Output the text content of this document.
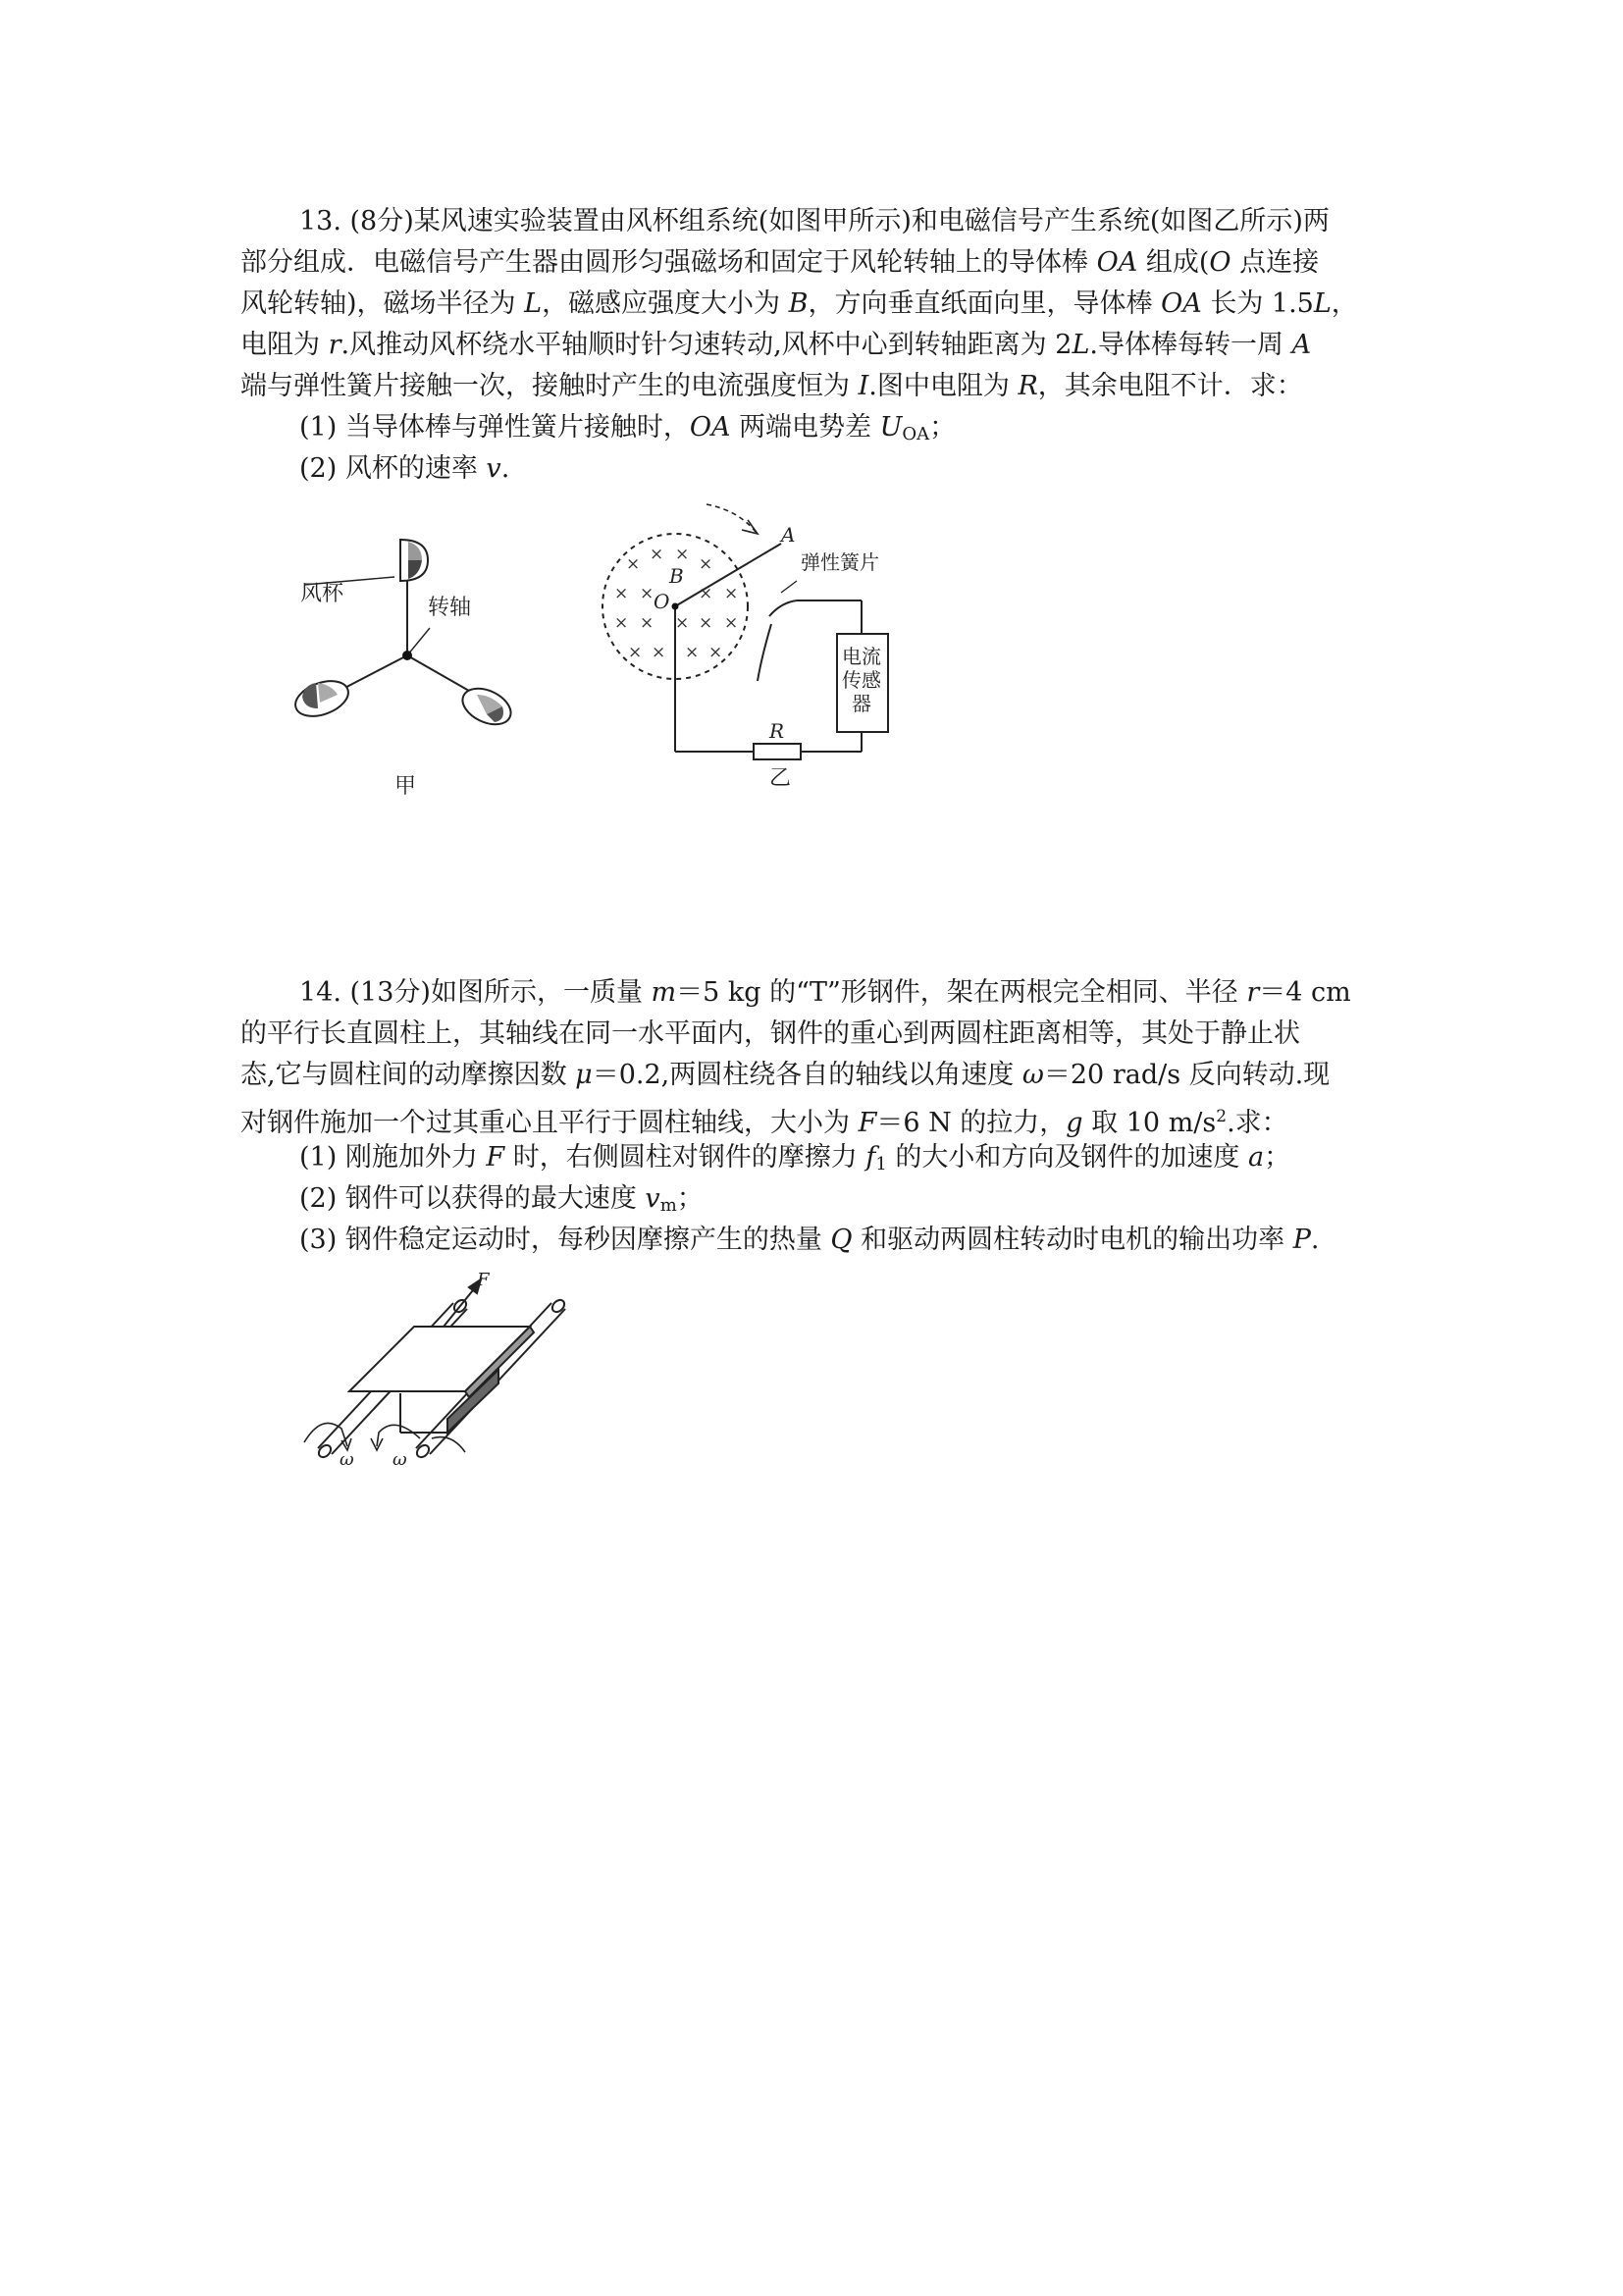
13. (8分)某风速实验装置由风杯组系统(如图甲所示)和电磁信号产生系统(如图乙所示)两
部分组成．电磁信号产生器由圆形匀强磁场和固定于风轮转轴上的导体棒 OA 组成(O 点连接
风轮转轴)，磁场半径为 L，磁感应强度大小为 B，方向垂直纸面向里，导体棒 OA 长为 1.5L，
电阻为 r.风推动风杯绕水平轴顺时针匀速转动,风杯中心到转轴距离为 2L.导体棒每转一周 A
端与弹性簧片接触一次，接触时产生的电流强度恒为 I.图中电阻为 R，其余电阻不计．求：
(1) 当导体棒与弹性簧片接触时，OA 两端电势差 $U_{OA}$；
(2) 风杯的速率 v.
风杯
转轴
甲
× × × ×
× ×	× ×
× × × × ×
× × × ×
A
B
O
弹性簧片
电流
传感
器
R
乙
14. (13分)如图所示，一质量 m＝5 kg 的“T”形钢件，架在两根完全相同、半径 r＝4 cm
的平行长直圆柱上，其轴线在同一水平面内，钢件的重心到两圆柱距离相等，其处于静止状
态,它与圆柱间的动摩擦因数 μ＝0.2,两圆柱绕各自的轴线以角速度 ω＝20 rad/s 反向转动.现
对钢件施加一个过其重心且平行于圆柱轴线，大小为 F＝6 N 的拉力，g 取 10 $m/s^2$.求：
(1) 刚施加外力 F 时，右侧圆柱对钢件的摩擦力 $f_1$ 的大小和方向及钢件的加速度 a；
(2) 钢件可以获得的最大速度 $v_m$；
(3) 钢件稳定运动时，每秒因摩擦产生的热量 Q 和驱动两圆柱转动时电机的输出功率 P.
F
ω ω
